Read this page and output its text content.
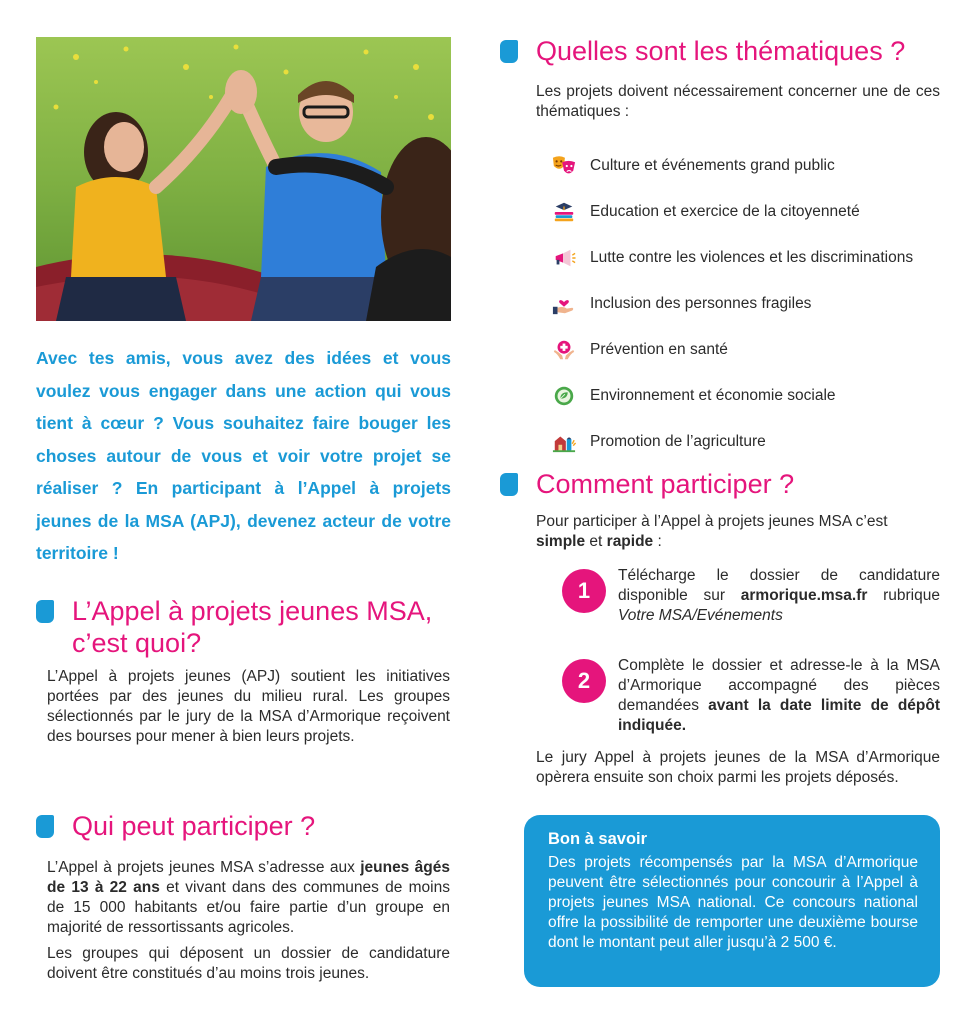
Avec tes amis, vous avez des idées et vous voulez vous engager dans une action qui vous tient à cœur ? Vous souhaitez faire bouger les choses autour de vous et voir votre projet se réaliser ? En participant à l’Appel à projets jeunes de la MSA (APJ), devenez acteur de votre territoire !

L’Appel à projets jeunes MSA,
c’est quoi?

L’Appel à projets jeunes (APJ) soutient les initiatives portées par des jeunes du milieu rural. Les groupes sélectionnés par le jury de la MSA d’Armorique reçoivent des bourses pour mener à bien leurs projets.

Qui peut participer ?

L’Appel à projets jeunes MSA s’adresse aux jeunes âgés de 13 à 22 ans et vivant dans des communes de moins de 15 000 habitants et/ou faire partie d’un groupe en majorité de ressortissants agricoles.

Les groupes qui déposent un dossier de candidature doivent être constitués d’au moins trois jeunes.

Quelles sont les thématiques ?

Les projets doivent nécessairement concerner une de ces thématiques :

Culture et événements grand public
Education et exercice de la citoyenneté
Lutte contre les violences et les discriminations
Inclusion des personnes fragiles
Prévention en santé
Environnement et économie sociale
Promotion de l’agriculture
Comment participer ?

Pour participer à l’Appel à projets jeunes MSA c’est simple et rapide :

1

Télécharge le dossier de candidature disponible sur armorique.msa.fr rubrique Votre MSA/Evénements

2

Complète le dossier et adresse-le à la MSA d’Armorique accompagné des pièces demandées avant la date limite de dépôt indiquée.

Le jury Appel à projets jeunes de la MSA d’Armorique opèrera ensuite son choix parmi les projets déposés.

Bon à savoir

Des projets récompensés par la MSA d’Armorique peuvent être sélectionnés pour concourir à l’Appel à projets jeunes MSA national. Ce concours national offre la possibilité de remporter une deuxième bourse dont le montant peut aller jusqu’à 2 500 €.
